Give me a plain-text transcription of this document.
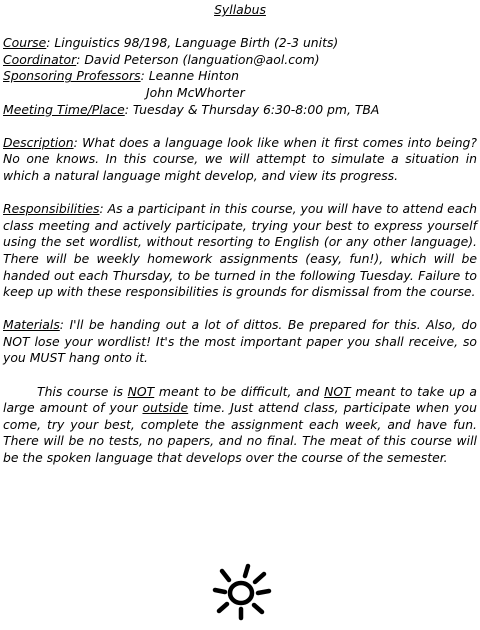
Syllabus
Course: Linguistics 98/198, Language Birth (2-3 units)
Coordinator: David Peterson (languation@aol.com)
Sponsoring Professors: Leanne Hinton
John McWhorter
Meeting Time/Place: Tuesday & Thursday 6:30-8:00 pm, TBA

Description: What does a language look like when it first comes into being? No one knows. In this course, we will attempt to simulate a situation in which a natural language might develop, and view its progress.

Responsibilities: As a participant in this course, you will have to attend each class meeting and actively participate, trying your best to express yourself using the set wordlist, without resorting to English (or any other language). There will be weekly homework assignments (easy, fun!), which will be handed out each Thursday, to be turned in the following Tuesday. Failure to keep up with these responsibilities is grounds for dismissal from the course.

Materials: I'll be handing out a lot of dittos. Be prepared for this. Also, do NOT lose your wordlist! It's the most important paper you shall receive, so you MUST hang onto it.

This course is NOT meant to be difficult, and NOT meant to take up a large amount of your outside time. Just attend class, participate when you come, try your best, complete the assignment each week, and have fun. There will be no tests, no papers, and no final. The meat of this course will be the spoken language that develops over the course of the semester.
